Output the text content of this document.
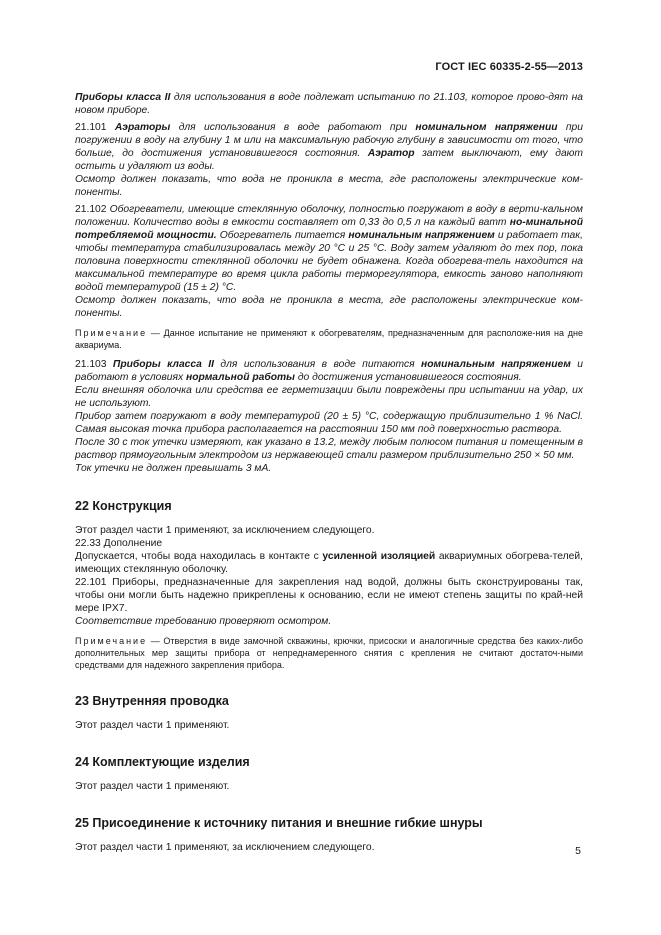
ГОСТ IEC 60335-2-55—2013

Приборы класса II для использования в воде подлежат испытанию по 21.103, которое прово-дят на новом приборе.

21.101 Аэраторы для использования в воде работают при номинальном напряжении при погружении в воду на глубину 1 м или на максимальную рабочую глубину в зависимости от того, что больше, до достижения установившегося состояния. Аэратор затем выключают, ему дают остыть и удаляют из воды.

Осмотр должен показать, что вода не проникла в места, где расположены электрические ком-поненты.

21.102 Обогреватели, имеющие стеклянную оболочку, полностью погружают в воду в верти-кальном положении. Количество воды в емкости составляет от 0,33 до 0,5 л на каждый ватт но-минальной потребляемой мощности. Обогреватель питается номинальным напряжением и работает так, чтобы температура стабилизировалась между 20 °С и 25 °С. Воду затем удаляют до тех пор, пока половина поверхности стеклянной оболочки не будет обнажена. Когда обогрева-тель находится на максимальной температуре во время цикла работы терморегулятора, емкость заново наполняют водой температурой (15 ± 2) °С.

Осмотр должен показать, что вода не проникла в места, где расположены электрические ком-поненты.

Примечание — Данное испытание не применяют к обогревателям, предназначенным для расположе-ния на дне аквариума.

21.103 Приборы класса II для использования в воде питаются номинальным напряжением и работают в условиях нормальной работы до достижения установившегося состояния.

Если внешняя оболочка или средства ее герметизации были повреждены при испытании на удар, их не используют.

Прибор затем погружают в воду температурой (20 ± 5) °С, содержащую приблизительно 1 % NaCl. Самая высокая точка прибора располагается на расстоянии 150 мм под поверхностью раствора.

После 30 с ток утечки измеряют, как указано в 13.2, между любым полюсом питания и помещенным в раствор прямоугольным электродом из нержавеющей стали размером приблизительно 250 × 50 мм.

Ток утечки не должен превышать 3 мА.

22 Конструкция

Этот раздел части 1 применяют, за исключением следующего.

22.33 Дополнение

Допускается, чтобы вода находилась в контакте с усиленной изоляцией аквариумных обогрева-телей, имеющих стеклянную оболочку.

22.101 Приборы, предназначенные для закрепления над водой, должны быть сконструированы так, чтобы они могли быть надежно прикреплены к основанию, если не имеют степень защиты по край-ней мере IPX7.

Соответствие требованию проверяют осмотром.

Примечание — Отверстия в виде замочной скважины, крючки, присоски и аналогичные средства без каких-либо дополнительных мер защиты прибора от непреднамеренного снятия с крепления не считают достаточ-ными средствами для надежного закрепления прибора.

23 Внутренняя проводка

Этот раздел части 1 применяют.

24 Комплектующие изделия

Этот раздел части 1 применяют.

25 Присоединение к источнику питания и внешние гибкие шнуры

Этот раздел части 1 применяют, за исключением следующего.	5
